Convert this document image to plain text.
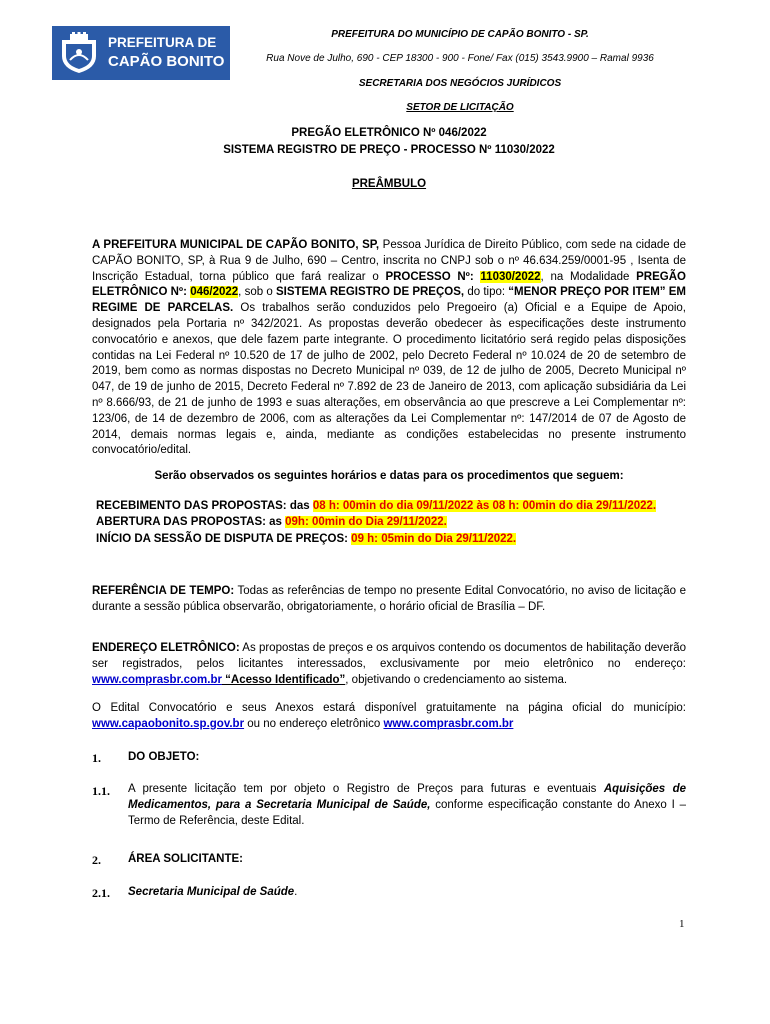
PREFEITURA DE
CAPÃO BONITO
PREFEITURA DO MUNICÍPIO DE CAPÃO BONITO - SP.
Rua Nove de Julho, 690 - CEP 18300 - 900 - Fone/ Fax (015) 3543.9900 – Ramal 9936
SECRETARIA DOS NEGÓCIOS JURÍDICOS
SETOR DE LICITAÇÃO
PREGÃO ELETRÔNICO Nº 046/2022
SISTEMA REGISTRO DE PREÇO - PROCESSO Nº 11030/2022
PREÂMBULO
A PREFEITURA MUNICIPAL DE CAPÃO BONITO, SP, Pessoa Jurídica de Direito Público, com sede na cidade de CAPÃO BONITO, SP, à Rua 9 de Julho, 690 – Centro, inscrita no CNPJ sob o nº 46.634.259/0001-95 , Isenta de Inscrição Estadual, torna público que fará realizar o PROCESSO Nº: 11030/2022, na Modalidade PREGÃO ELETRÔNICO Nº: 046/2022, sob o SISTEMA REGISTRO DE PREÇOS, do tipo: “MENOR PREÇO POR ITEM” EM REGIME DE PARCELAS. Os trabalhos serão conduzidos pelo Pregoeiro (a) Oficial e a Equipe de Apoio, designados pela Portaria nº 342/2021. As propostas deverão obedecer às especificações deste instrumento convocatório e anexos, que dele fazem parte integrante. O procedimento licitatório será regido pelas disposições contidas na Lei Federal nº 10.520 de 17 de julho de 2002, pelo Decreto Federal nº 10.024 de 20 de setembro de 2019, bem como as normas dispostas no Decreto Municipal nº 039, de 12 de julho de 2005, Decreto Municipal nº 047, de 19 de junho de 2015, Decreto Federal nº 7.892 de 23 de Janeiro de 2013, com aplicação subsidiária da Lei nº 8.666/93, de 21 de junho de 1993 e suas alterações, em observância ao que prescreve a Lei Complementar nº: 123/06, de 14 de dezembro de 2006, com as alterações da Lei Complementar nº: 147/2014 de 07 de Agosto de 2014, demais normas legais e, ainda, mediante as condições estabelecidas no presente instrumento convocatório/edital.
Serão observados os seguintes horários e datas para os procedimentos que seguem:
RECEBIMENTO DAS PROPOSTAS: das 08 h: 00min do dia 09/11/2022 às 08 h: 00min do dia 29/11/2022.
ABERTURA DAS PROPOSTAS: as 09h: 00min do Dia 29/11/2022.
INÍCIO DA SESSÃO DE DISPUTA DE PREÇOS: 09 h: 05min do Dia 29/11/2022.
REFERÊNCIA DE TEMPO: Todas as referências de tempo no presente Edital Convocatório, no aviso de licitação e durante a sessão pública observarão, obrigatoriamente, o horário oficial de Brasília – DF.
ENDEREÇO ELETRÔNICO: As propostas de preços e os arquivos contendo os documentos de habilitação deverão ser registrados, pelos licitantes interessados, exclusivamente por meio eletrônico no endereço: www.comprasbr.com.br “Acesso Identificado”, objetivando o credenciamento ao sistema.
O Edital Convocatório e seus Anexos estará disponível gratuitamente na página oficial do município: www.capaobonito.sp.gov.br ou no endereço eletrônico www.comprasbr.com.br
1. DO OBJETO:
1.1. A presente licitação tem por objeto o Registro de Preços para futuras e eventuais Aquisições de Medicamentos, para a Secretaria Municipal de Saúde, conforme especificação constante do Anexo I – Termo de Referência, deste Edital.
2. ÁREA SOLICITANTE:
2.1. Secretaria Municipal de Saúde.
1
